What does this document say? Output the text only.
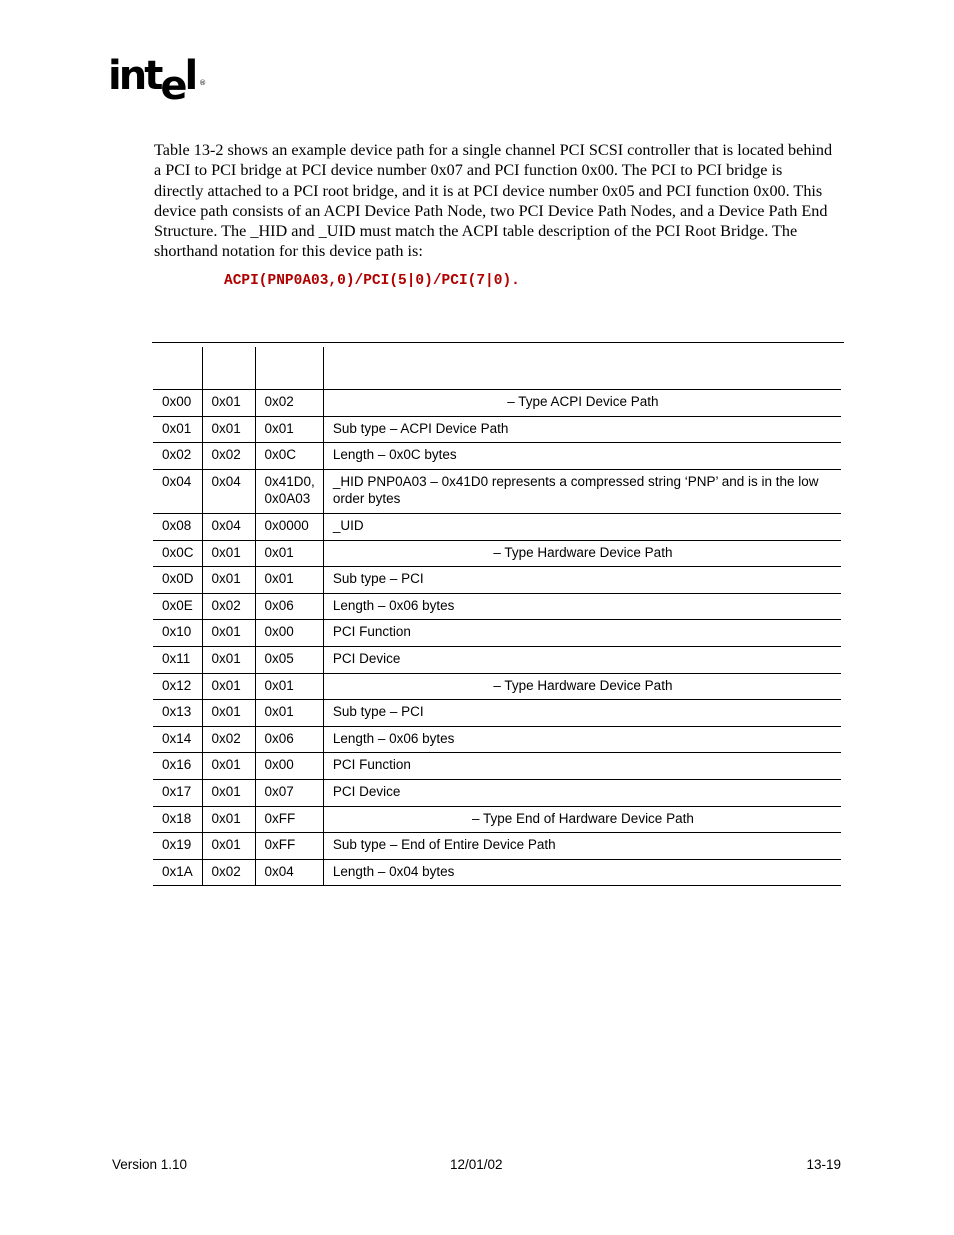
intel ®

Table 13-2 shows an example device path for a single channel PCI SCSI controller that is located behind a PCI to PCI bridge at PCI device number 0x07 and PCI function 0x00. The PCI to PCI bridge is directly attached to a PCI root bridge, and it is at PCI device number 0x05 and PCI function 0x00. This device path consists of an ACPI Device Path Node, two PCI Device Path Nodes, and a Device Path End Structure. The _HID and _UID must match the ACPI table description of the PCI Root Bridge. The shorthand notation for this device path is:

ACPI(PNP0A03,0)/PCI(5|0)/PCI(7|0).

0x00	0x01	0x02	– Type ACPI Device Path
0x01	0x01	0x01	Sub type – ACPI Device Path
0x02	0x02	0x0C	Length – 0x0C bytes
0x04	0x04	0x41D0, 0x0A03	_HID PNP0A03 – 0x41D0 represents a compressed string ‘PNP’ and is in the low order bytes
0x08	0x04	0x0000	_UID
0x0C	0x01	0x01	– Type Hardware Device Path
0x0D	0x01	0x01	Sub type – PCI
0x0E	0x02	0x06	Length – 0x06 bytes
0x10	0x01	0x00	PCI Function
0x11	0x01	0x05	PCI Device
0x12	0x01	0x01	– Type Hardware Device Path
0x13	0x01	0x01	Sub type – PCI
0x14	0x02	0x06	Length – 0x06 bytes
0x16	0x01	0x00	PCI Function
0x17	0x01	0x07	PCI Device
0x18	0x01	0xFF	– Type End of Hardware Device Path
0x19	0x01	0xFF	Sub type – End of Entire Device Path
0x1A	0x02	0x04	Length – 0x04 bytes
Version 1.10	12/01/02	13-19
